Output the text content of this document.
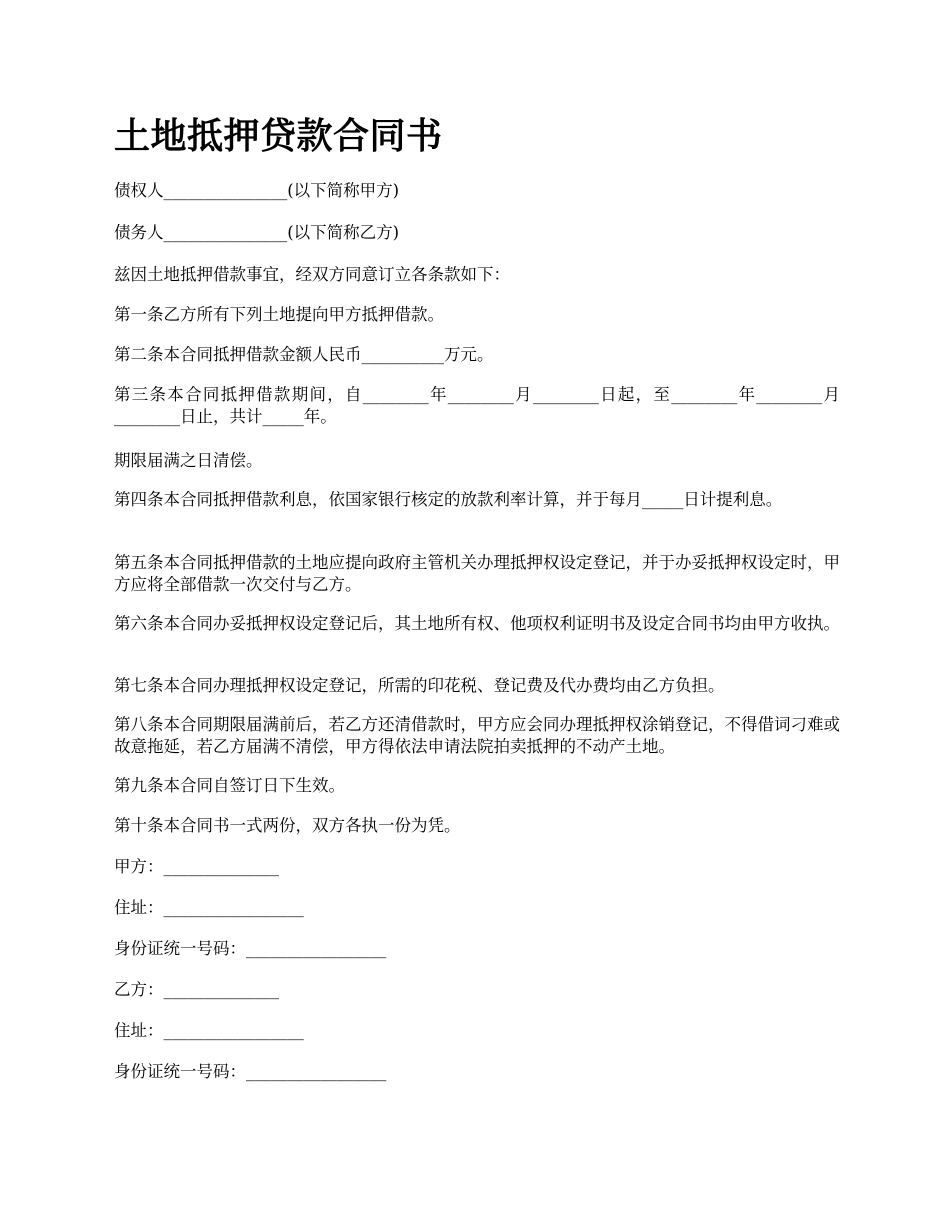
土地抵押贷款合同书

债权人_______________(以下简称甲方)

债务人_______________(以下简称乙方)

兹因土地抵押借款事宜，经双方同意订立各条款如下：

第一条乙方所有下列土地提向甲方抵押借款。

第二条本合同抵押借款金额人民币__________万元。

第三条本合同抵押借款期间，自________年________月________日起，至________年________月________日止，共计_____年。

期限届满之日清偿。

第四条本合同抵押借款利息，依国家银行核定的放款利率计算，并于每月_____日计提利息。

第五条本合同抵押借款的土地应提向政府主管机关办理抵押权设定登记，并于办妥抵押权设定时，甲方应将全部借款一次交付与乙方。

第六条本合同办妥抵押权设定登记后，其土地所有权、他项权利证明书及设定合同书均由甲方收执。

第七条本合同办理抵押权设定登记，所需的印花税、登记费及代办费均由乙方负担。

第八条本合同期限届满前后，若乙方还清借款时，甲方应会同办理抵押权涂销登记，不得借词刁难或故意拖延，若乙方届满不清偿，甲方得依法申请法院拍卖抵押的不动产土地。

第九条本合同自签订日下生效。

第十条本合同书一式两份，双方各执一份为凭。

甲方：______________

住址：_________________

身份证统一号码：_________________

乙方：______________

住址：_________________

身份证统一号码：_________________
